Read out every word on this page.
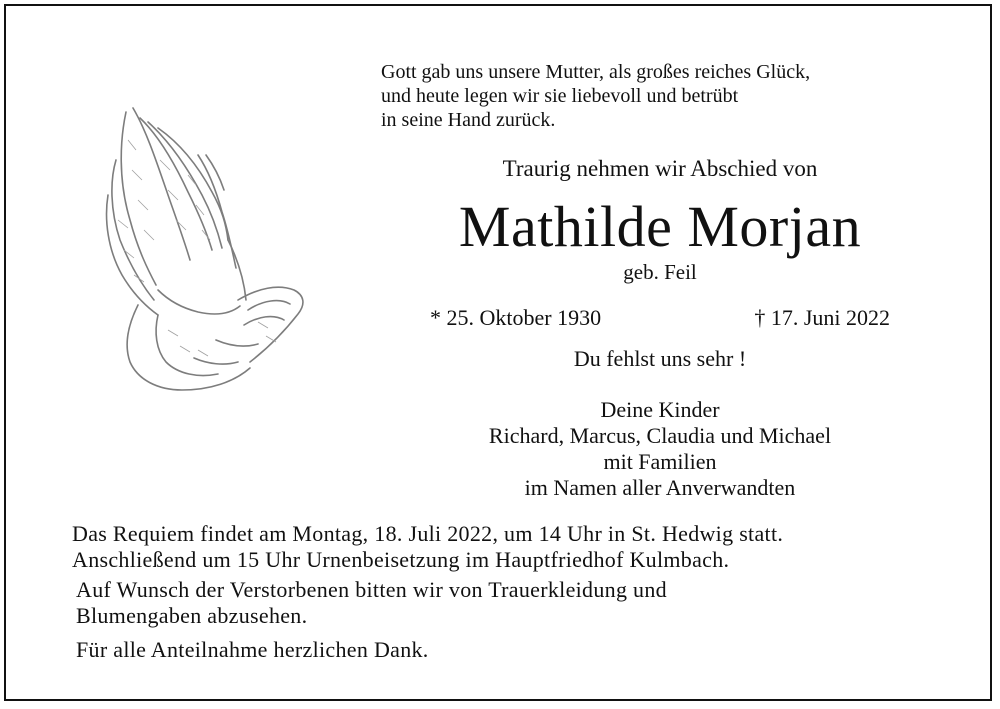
Gott gab uns unsere Mutter, als großes reiches Glück,
und heute legen wir sie liebevoll und betrübt
in seine Hand zurück.
Traurig nehmen wir Abschied von
Mathilde Morjan
geb. Feil
* 25. Oktober 1930	† 17. Juni 2022
Du fehlst uns sehr !
Deine Kinder
Richard, Marcus, Claudia und Michael
mit Familien
im Namen aller Anverwandten
Das Requiem findet am Montag, 18. Juli 2022, um 14 Uhr in St. Hedwig statt.
Anschließend um 15 Uhr Urnenbeisetzung im Hauptfriedhof Kulmbach.
Auf Wunsch der Verstorbenen bitten wir von Trauerkleidung und
Blumengaben abzusehen.
Für alle Anteilnahme herzlichen Dank.
